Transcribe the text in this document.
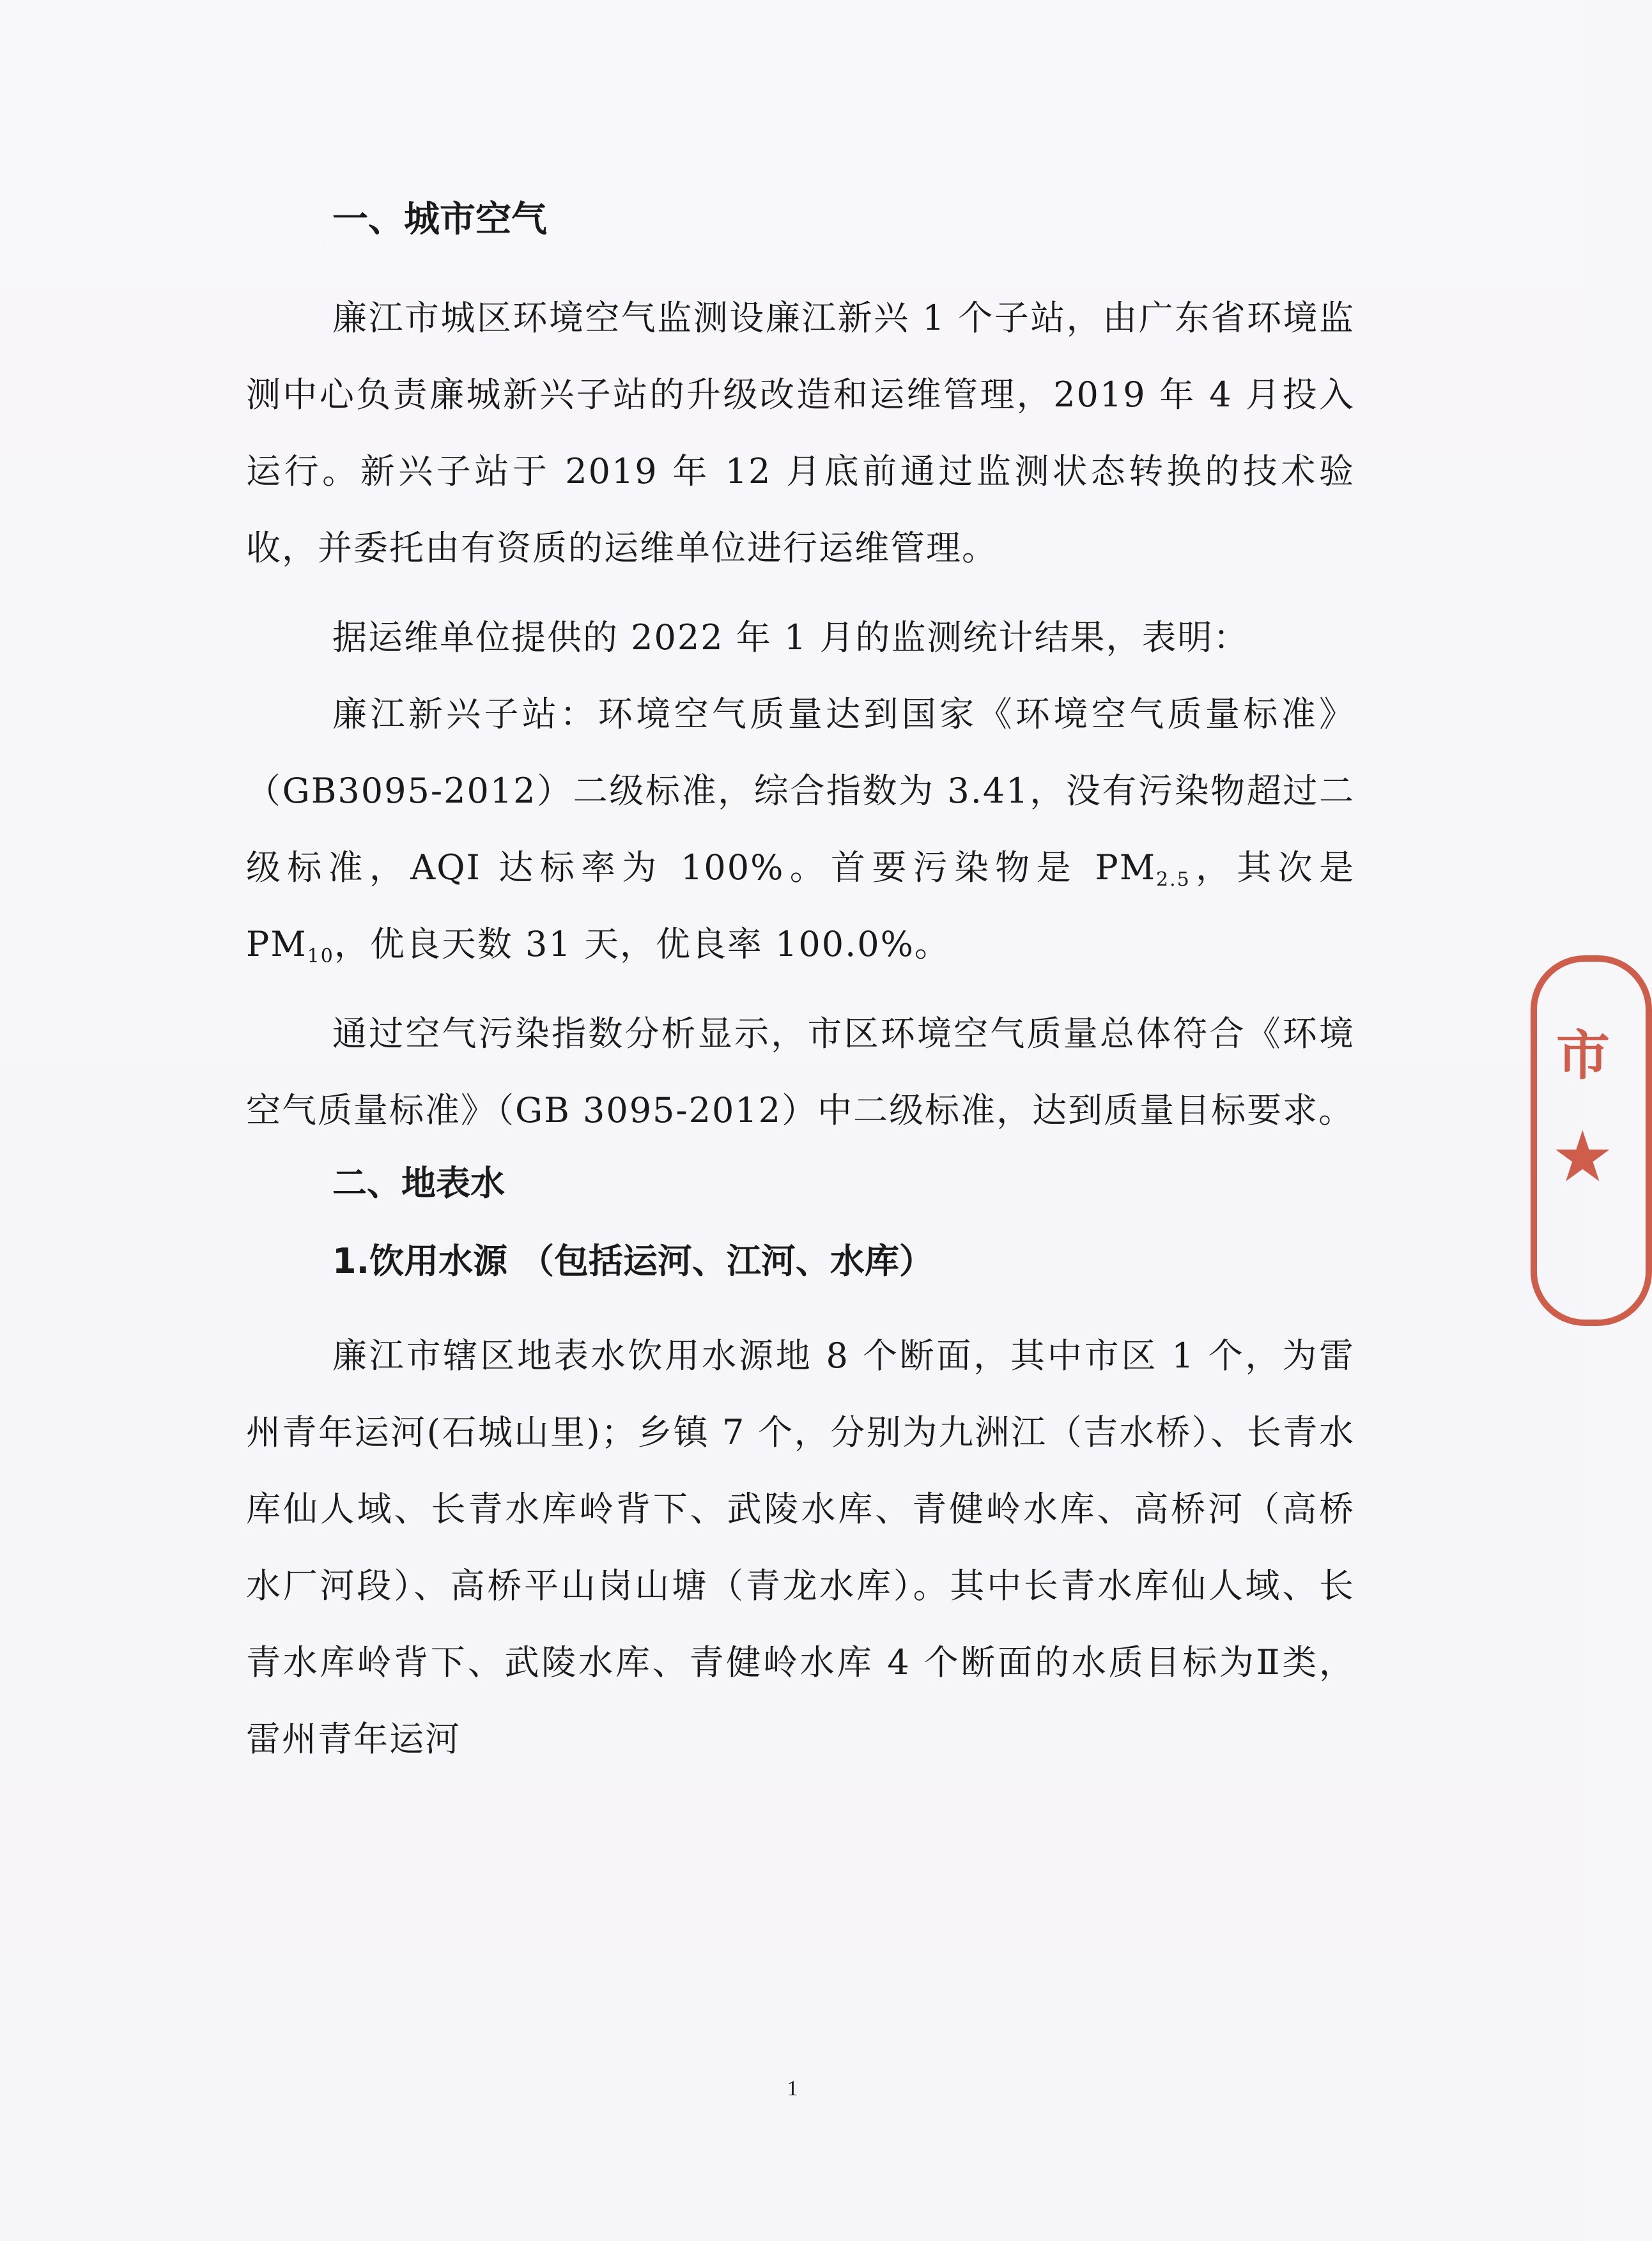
一、城市空气

廉江市城区环境空气监测设廉江新兴 1 个子站，由广东省环境监测中心负责廉城新兴子站的升级改造和运维管理，2019 年 4 月投入运行。新兴子站于 2019 年 12 月底前通过监测状态转换的技术验收，并委托由有资质的运维单位进行运维管理。

据运维单位提供的 2022 年 1 月的监测统计结果，表明：

廉江新兴子站：环境空气质量达到国家《环境空气质量标准》（GB3095-2012）二级标准，综合指数为 3.41，没有污染物超过二级标准，AQI 达标率为 100%。首要污染物是 $PM_{2.5}$，其次是 $PM_{10}$，优良天数 31 天，优良率 100.0%。

通过空气污染指数分析显示，市区环境空气质量总体符合《环境空气质量标准》（GB 3095-2012）中二级标准，达到质量目标要求。

二、地表水
1.饮用水源 （包括运河、江河、水库）

廉江市辖区地表水饮用水源地 8 个断面，其中市区 1 个，为雷州青年运河(石城山里)；乡镇 7 个，分别为九洲江（吉水桥）、长青水库仙人域、长青水库岭背下、武陵水库、青健岭水库、高桥河（高桥水厂河段）、高桥平山岗山塘（青龙水库）。其中长青水库仙人域、长青水库岭背下、武陵水库、青健岭水库 4 个断面的水质目标为Ⅱ类，雷州青年运河

1
市
★
